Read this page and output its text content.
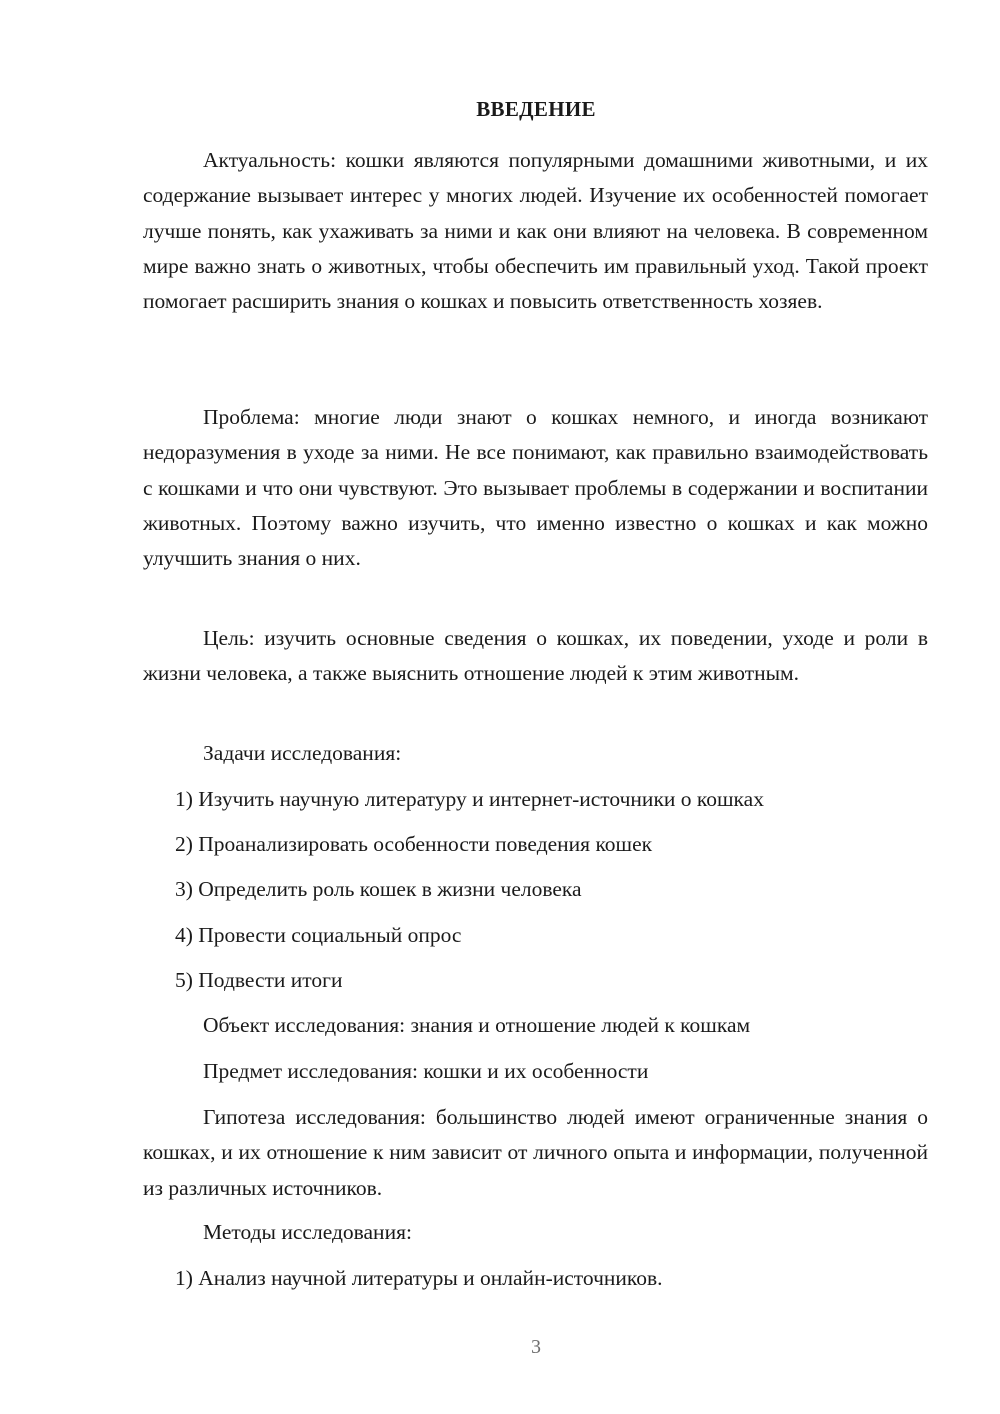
ВВЕДЕНИЕ

Актуальность: кошки являются популярными домашними животными, и их содержание вызывает интерес у многих людей. Изучение их особенностей помогает лучше понять, как ухаживать за ними и как они влияют на человека. В современном мире важно знать о животных, чтобы обеспечить им правильный уход. Такой проект помогает расширить знания о кошках и повысить ответственность хозяев.

Проблема: многие люди знают о кошках немного, и иногда возникают недоразумения в уходе за ними. Не все понимают, как правильно взаимодействовать с кошками и что они чувствуют. Это вызывает проблемы в содержании и воспитании животных. Поэтому важно изучить, что именно известно о кошках и как можно улучшить знания о них.

Цель: изучить основные сведения о кошках, их поведении, уходе и роли в жизни человека, а также выяснить отношение людей к этим животным.

Задачи исследования:
1) Изучить научную литературу и интернет-источники о кошках
2) Проанализировать особенности поведения кошек
3) Определить роль кошек в жизни человека
4) Провести социальный опрос
5) Подвести итоги
Объект исследования: знания и отношение людей к кошкам
Предмет исследования: кошки и их особенности

Гипотеза исследования: большинство людей имеют ограниченные знания о кошках, и их отношение к ним зависит от личного опыта и информации, полученной из различных источников.

Методы исследования:
1) Анализ научной литературы и онлайн-источников.
3
